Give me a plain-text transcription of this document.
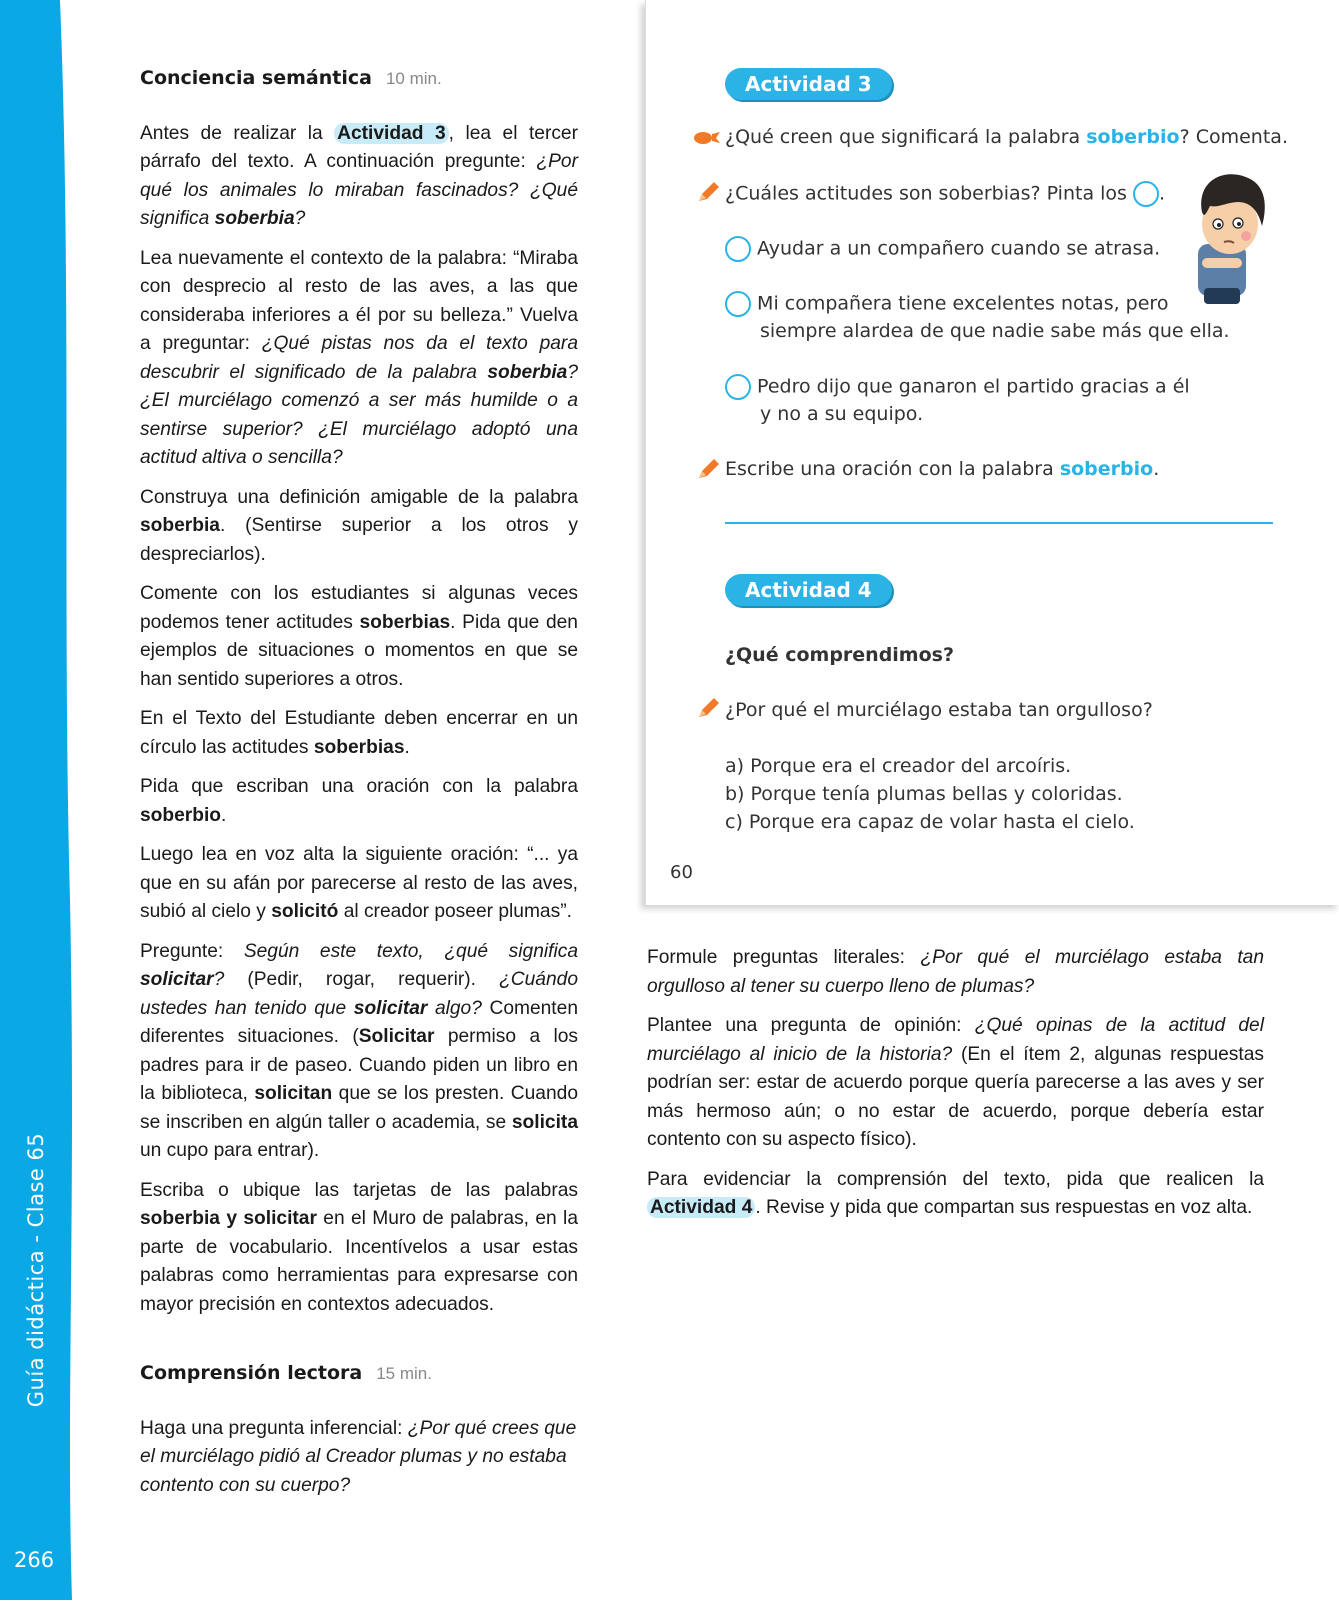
Guía didáctica - Clase 65
266
Conciencia semántica 10 min.

Antes de realizar la Actividad 3 , lea el tercer párrafo del texto. A continuación pregunte: ¿Por qué los animales lo miraban fascinados? ¿Qué significa soberbia?

Lea nuevamente el contexto de la palabra: “Miraba con desprecio al resto de las aves, a las que consideraba inferiores a él por su belleza.” Vuelva a preguntar: ¿Qué pistas nos da el texto para descubrir el significado de la palabra soberbia? ¿El murciélago comenzó a ser más humilde o a sentirse superior? ¿El murciélago adoptó una actitud altiva o sencilla?

Construya una definición amigable de la palabra soberbia. (Sentirse superior a los otros y despreciarlos).

Comente con los estudiantes si algunas veces podemos tener actitudes soberbias. Pida que den ejemplos de situaciones o momentos en que se han sentido superiores a otros.

En el Texto del Estudiante deben encerrar en un círculo las actitudes soberbias.

Pida que escriban una oración con la palabra soberbio.

Luego lea en voz alta la siguiente oración: “... ya que en su afán por parecerse al resto de las aves, subió al cielo y solicitó al creador poseer plumas”.

Pregunte: Según este texto, ¿qué significa solicitar? (Pedir, rogar, requerir). ¿Cuándo ustedes han tenido que solicitar algo? Comenten diferentes situaciones. (Solicitar permiso a los padres para ir de paseo. Cuando piden un libro en la biblioteca, solicitan que se los presten. Cuando se inscriben en algún taller o academia, se solicita un cupo para entrar).

Escriba o ubique las tarjetas de las palabras soberbia y solicitar en el Muro de palabras, en la parte de vocabulario. Incentívelos a usar estas palabras como herramientas para expresarse con mayor precisión en contextos adecuados.

Comprensión lectora 15 min.

Haga una pregunta inferencial: ¿Por qué crees que el murciélago pidió al Creador plumas y no estaba contento con su cuerpo?

Actividad 3
¿Qué creen que significará la palabra soberbio? Comenta.
¿Cuáles actitudes son soberbias? Pinta los .
Ayudar a un compañero cuando se atrasa.
Mi compañera tiene excelentes notas, pero
siempre alardea de que nadie sabe más que ella.
Pedro dijo que ganaron el partido gracias a él
y no a su equipo.
Escribe una oración con la palabra soberbio.
Actividad 4
¿Qué comprendimos?
¿Por qué el murciélago estaba tan orgulloso?
a) Porque era el creador del arcoíris.
b) Porque tenía plumas bellas y coloridas.
c) Porque era capaz de volar hasta el cielo.
60

Formule preguntas literales: ¿Por qué el murciélago estaba tan orgulloso al tener su cuerpo lleno de plumas?

Plantee una pregunta de opinión: ¿Qué opinas de la actitud del murciélago al inicio de la historia? (En el ítem 2, algunas respuestas podrían ser: estar de acuerdo porque quería parecerse a las aves y ser más hermoso aún; o no estar de acuerdo, porque debería estar contento con su aspecto físico).

Para evidenciar la comprensión del texto, pida que realicen la Actividad 4 . Revise y pida que compartan sus respuestas en voz alta.
